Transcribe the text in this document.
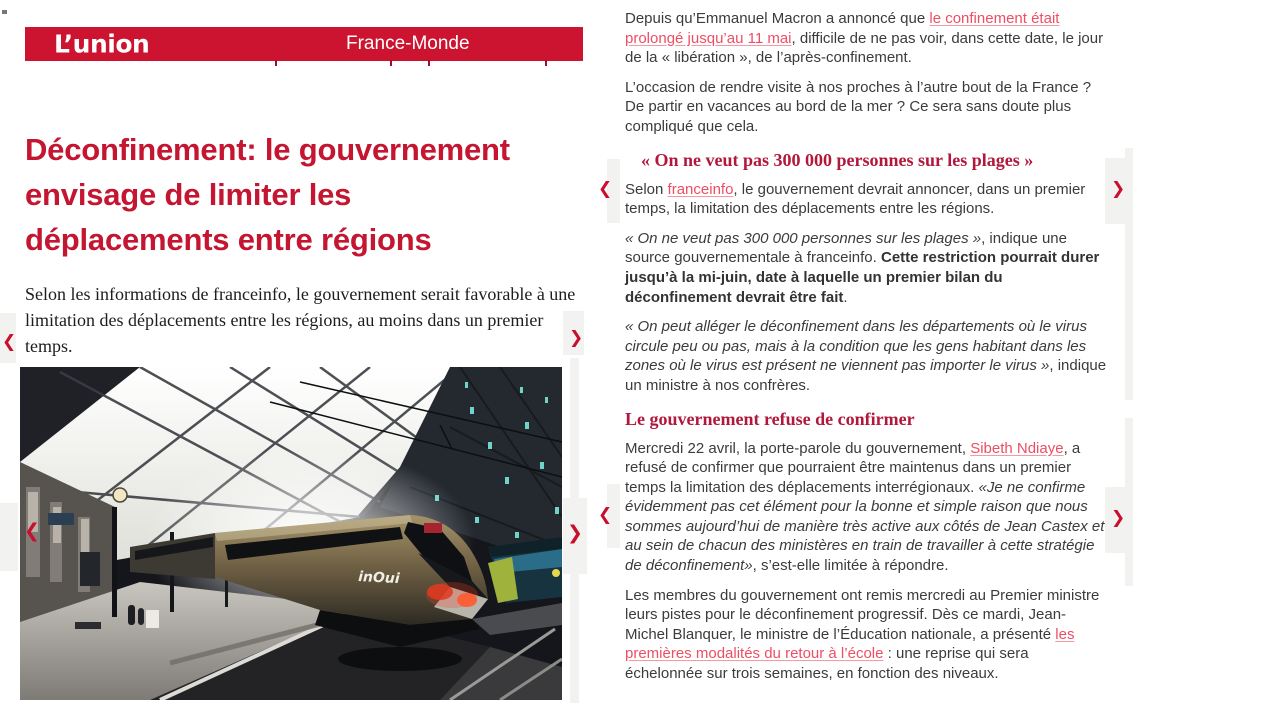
L’union	France-Monde
Déconfinement: le gouvernement envisage de limiter les déplacements entre régions

Selon les informations de franceinfo, le gouvernement serait favorable à une limitation des déplacements entre les régions, au moins dans un premier temps.

inOui
❮	❯
❮	❯
❮	❯
❮	❯

Depuis qu’Emmanuel Macron a annoncé que le confinement était prolongé jusqu’au 11 mai, difficile de ne pas voir, dans cette date, le jour de la « libération », de l’après-confinement.

L’occasion de rendre visite à nos proches à l’autre bout de la France ? De partir en vacances au bord de la mer ? Ce sera sans doute plus compliqué que cela.

« On ne veut pas 300 000 personnes sur les plages »

Selon franceinfo, le gouvernement devrait annoncer, dans un premier temps, la limitation des déplacements entre les régions.

« On ne veut pas 300 000 personnes sur les plages », indique une source gouvernementale à franceinfo. Cette restriction pourrait durer jusqu’à la mi-juin, date à laquelle un premier bilan du déconfinement devrait être fait.

« On peut alléger le déconfinement dans les départements où le virus circule peu ou pas, mais à la condition que les gens habitant dans les zones où le virus est présent ne viennent pas importer le virus », indique un ministre à nos confrères.

Le gouvernement refuse de confirmer

Mercredi 22 avril, la porte-parole du gouvernement, Sibeth Ndiaye, a refusé de confirmer que pourraient être maintenus dans un premier temps la limitation des déplacements interrégionaux. «Je ne confirme évidemment pas cet élément pour la bonne et simple raison que nous sommes aujourd’hui de manière très active aux côtés de Jean Castex et au sein de chacun des ministères en train de travailler à cette stratégie de déconfinement», s’est-elle limitée à répondre.

Les membres du gouvernement ont remis mercredi au Premier ministre leurs pistes pour le déconfinement progressif. Dès ce mardi, Jean-Michel Blanquer, le ministre de l’Éducation nationale, a présenté les premières modalités du retour à l’école : une reprise qui sera échelonnée sur trois semaines, en fonction des niveaux.
